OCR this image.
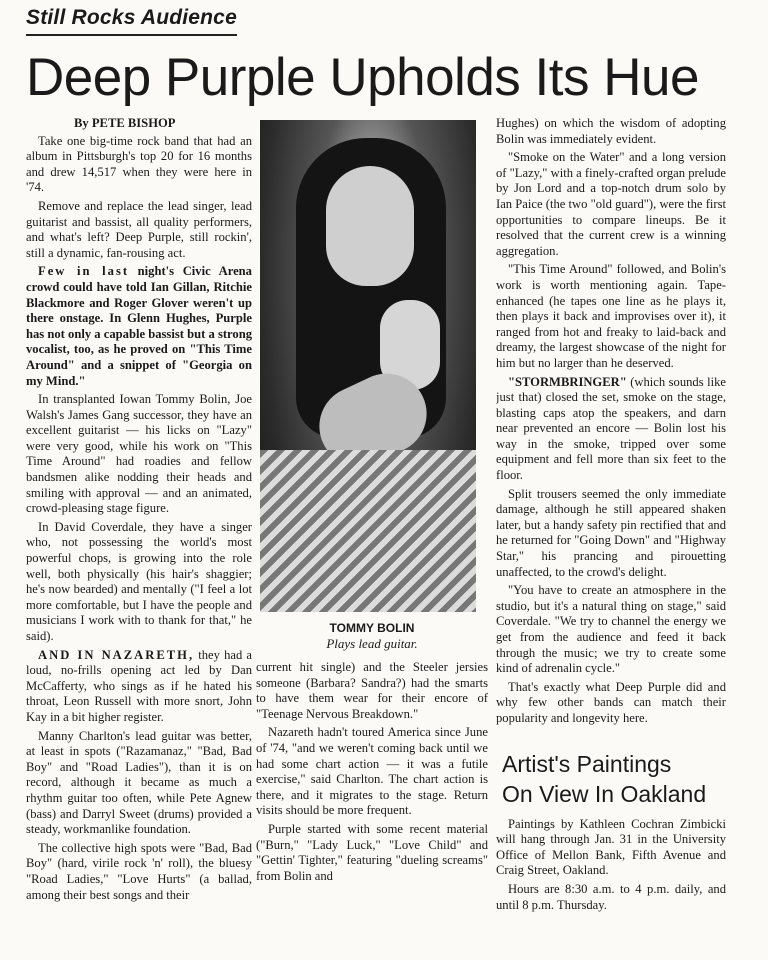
Still Rocks Audience
Deep Purple Upholds Its Hue

By PETE BISHOP

Take one big-time rock band that had an album in Pittsburgh's top 20 for 16 months and drew 14,517 when they were here in '74.

Remove and replace the lead singer, lead guitarist and bassist, all quality performers, and what's left? Deep Purple, still rockin', still a dynamic, fan-rousing act.

Few in last night's Civic Arena crowd could have told Ian Gillan, Ritchie Blackmore and Roger Glover weren't up there onstage. In Glenn Hughes, Purple has not only a capable bassist but a strong vocalist, too, as he proved on "This Time Around" and a snippet of "Georgia on my Mind."

In transplanted Iowan Tommy Bolin, Joe Walsh's James Gang successor, they have an excellent guitarist — his licks on "Lazy" were very good, while his work on "This Time Around" had roadies and fellow bandsmen alike nodding their heads and smiling with approval — and an animated, crowd-pleasing stage figure.

In David Coverdale, they have a singer who, not possessing the world's most powerful chops, is growing into the role well, both physically (his hair's shaggier; he's now bearded) and mentally ("I feel a lot more comfortable, but I have the people and musicians I work with to thank for that," he said).

AND IN NAZARETH, they had a loud, no-frills opening act led by Dan McCafferty, who sings as if he hated his throat, Leon Russell with more snort, John Kay in a bit higher register.

Manny Charlton's lead guitar was better, at least in spots ("Razamanaz," "Bad, Bad Boy" and "Road Ladies"), than it is on record, although it became as much a rhythm guitar too often, while Pete Agnew (bass) and Darryl Sweet (drums) provided a steady, workmanlike foundation.

The collective high spots were "Bad, Bad Boy" (hard, virile rock 'n' roll), the bluesy "Road Ladies," "Love Hurts" (a ballad, among their best songs and their

TOMMY BOLIN
Plays lead guitar.

current hit single) and the Steeler jersies someone (Barbara? Sandra?) had the smarts to have them wear for their encore of "Teenage Nervous Breakdown."

Nazareth hadn't toured America since June of '74, "and we weren't coming back until we had some chart action — it was a futile exercise," said Charlton. The chart action is there, and it migrates to the stage. Return visits should be more frequent.

Purple started with some recent material ("Burn," "Lady Luck," "Love Child" and "Gettin' Tighter," featuring "dueling screams" from Bolin and

Hughes) on which the wisdom of adopting Bolin was immediately evident.

"Smoke on the Water" and a long version of "Lazy," with a finely-crafted organ prelude by Jon Lord and a top-notch drum solo by Ian Paice (the two "old guard"), were the first opportunities to compare lineups. Be it resolved that the current crew is a winning aggregation.

"This Time Around" followed, and Bolin's work is worth mentioning again. Tape-enhanced (he tapes one line as he plays it, then plays it back and improvises over it), it ranged from hot and freaky to laid-back and dreamy, the largest showcase of the night for him but no larger than he deserved.

"STORMBRINGER" (which sounds like just that) closed the set, smoke on the stage, blasting caps atop the speakers, and darn near prevented an encore — Bolin lost his way in the smoke, tripped over some equipment and fell more than six feet to the floor.

Split trousers seemed the only immediate damage, although he still appeared shaken later, but a handy safety pin rectified that and he returned for "Going Down" and "Highway Star," his prancing and pirouetting unaffected, to the crowd's delight.

"You have to create an atmosphere in the studio, but it's a natural thing on stage," said Coverdale. "We try to channel the energy we get from the audience and feed it back through the music; we try to create some kind of adrenalin cycle."

That's exactly what Deep Purple did and why few other bands can match their popularity and longevity here.

Artist's Paintings
On View In Oakland

Paintings by Kathleen Cochran Zimbicki will hang through Jan. 31 in the University Office of Mellon Bank, Fifth Avenue and Craig Street, Oakland.

Hours are 8:30 a.m. to 4 p.m. daily, and until 8 p.m. Thursday.
